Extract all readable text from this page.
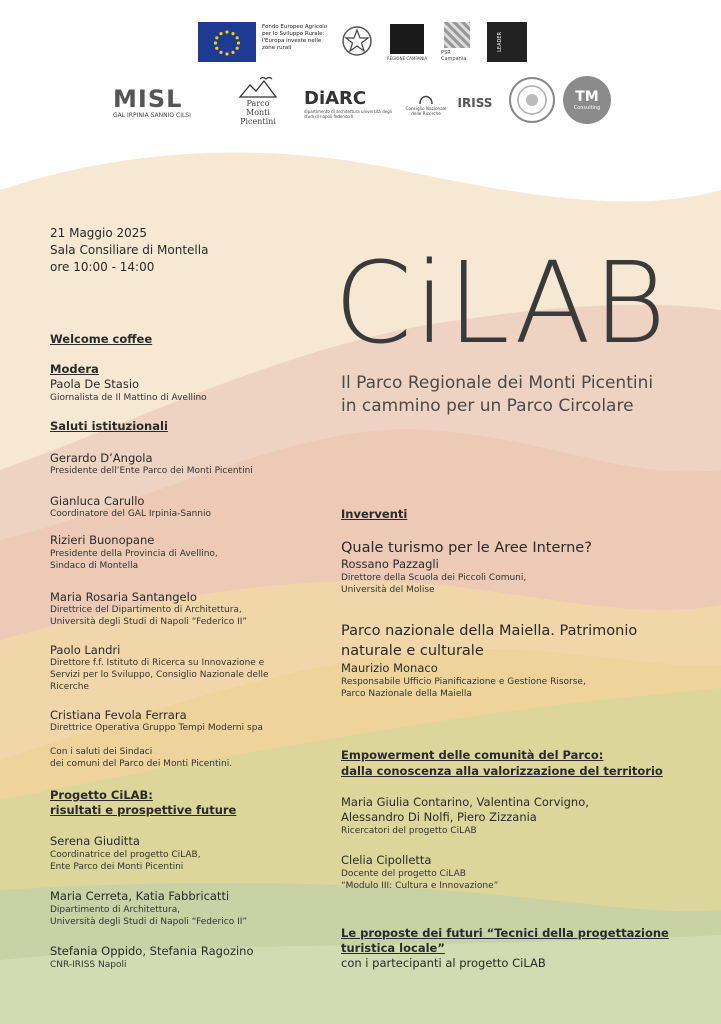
Fondo Europeo Agricolo per lo Sviluppo Rurale: l'Europa investe nelle zone rurali
REGIONE CAMPANIA
PSR Campania
LEADER
MISL
GAL IRPINIA SANNIO CILSI
Parco
Monti
Picentini
DiARC
dipartimento di architettura università degli studi di napoli federico II
Consiglio Nazionale delle Ricerche
IRISS	TM
Consulting

21 Maggio 2025

Sala Consiliare di Montella

ore 10:00 - 14:00 CiLAB

Il Parco Regionale dei Monti Picentini
in cammino per un Parco Circolare

Welcome coffee

Modera

Paola De Stasio

Giornalista de Il Mattino di Avellino

Saluti istituzionali

Gerardo D’Angola

Presidente dell’Ente Parco dei Monti Picentini

Gianluca Carullo

Coordinatore del GAL Irpinia-Sannio

Rizieri Buonopane

Presidente della Provincia di Avellino,

Sindaco di Montella

Maria Rosaria Santangelo

Direttrice del Dipartimento di Architettura,

Università degli Studi di Napoli “Federico II”

Paolo Landri

Direttore f.f. Istituto di Ricerca su Innovazione e

Servizi per lo Sviluppo, Consiglio Nazionale delle

Ricerche

Cristiana Fevola Ferrara

Direttrice Operativa Gruppo Tempi Moderni spa

Con i saluti dei Sindaci

dei comuni del Parco dei Monti Picentini.

Progetto CiLAB:

risultati e prospettive future

Serena Giuditta

Coordinatrice del progetto CiLAB,

Ente Parco dei Monti Picentini

Maria Cerreta, Katia Fabbricatti

Dipartimento di Architettura,

Università degli Studi di Napoli “Federico II”

Stefania Oppido, Stefania Ragozino

CNR-IRISS Napoli

Inverventi

Quale turismo per le Aree Interne?

Rossano Pazzagli

Direttore della Scuola dei Piccoli Comuni,

Università del Molise

Parco nazionale della Maiella. Patrimonio

naturale e culturale

Maurizio Monaco

Responsabile Ufficio Pianificazione e Gestione Risorse,

Parco Nazionale della Maiella

Empowerment delle comunità del Parco:

dalla conoscenza alla valorizzazione del territorio

Maria Giulia Contarino, Valentina Corvigno,

Alessandro Di Nolfi, Piero Zizzania

Ricercatori del progetto CiLAB

Clelia Cipolletta

Docente del progetto CiLAB

“Modulo III: Cultura e Innovazione”

Le proposte dei futuri “Tecnici della progettazione

turistica locale”

con i partecipanti al progetto CiLAB
